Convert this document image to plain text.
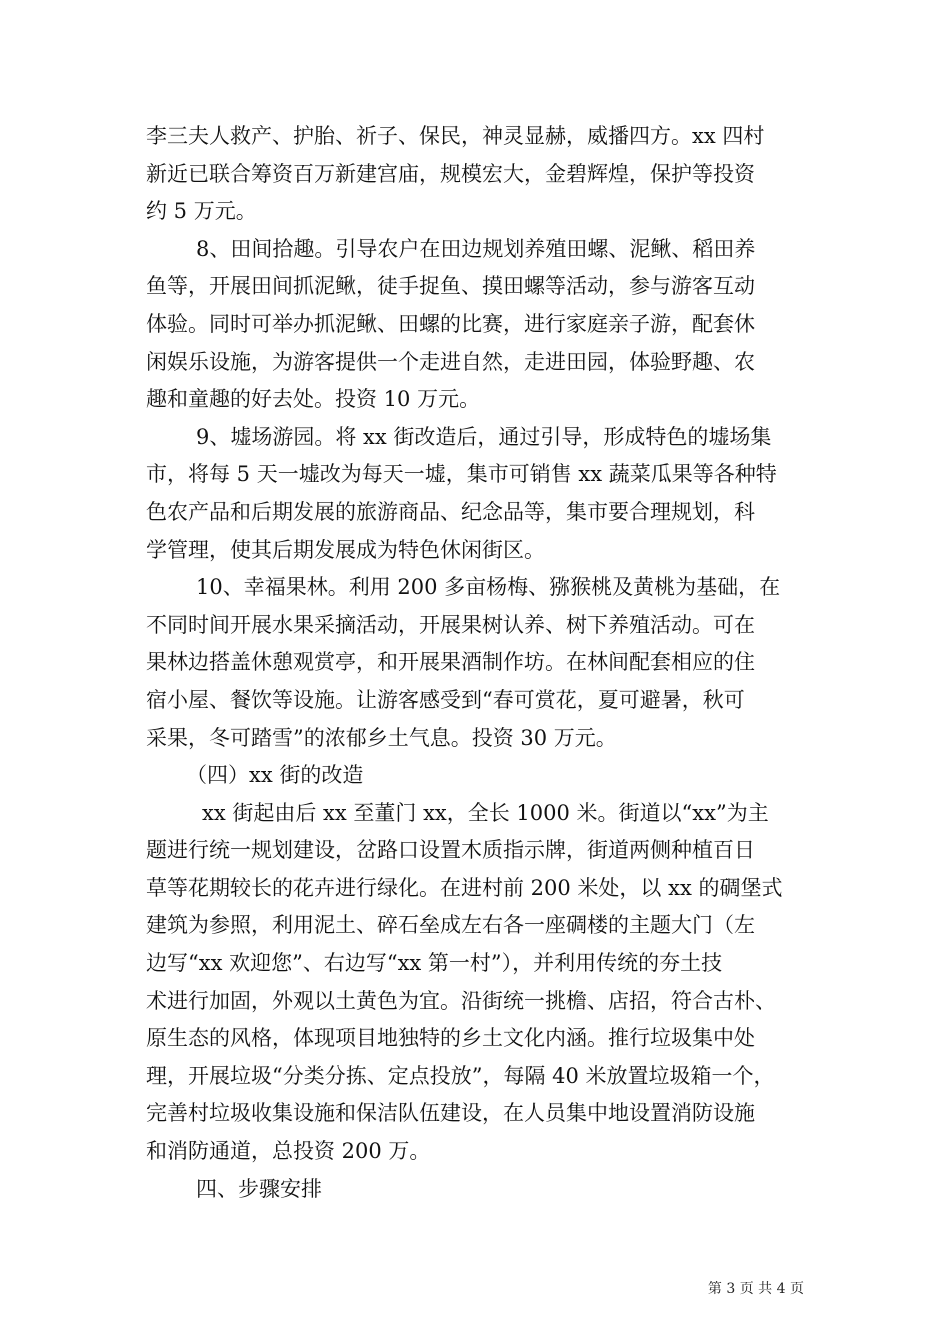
李三夫人救产、护胎、祈子、保民，神灵显赫，威播四方。xx 四村
新近已联合筹资百万新建宫庙，规模宏大，金碧辉煌，保护等投资
约 5 万元。
8、田间拾趣。引导农户在田边规划养殖田螺、泥鳅、稻田养
鱼等，开展田间抓泥鳅，徒手捉鱼、摸田螺等活动，参与游客互动
体验。同时可举办抓泥鳅、田螺的比赛，进行家庭亲子游，配套休
闲娱乐设施，为游客提供一个走进自然，走进田园，体验野趣、农
趣和童趣的好去处。投资 10 万元。
9、墟场游园。将 xx 街改造后，通过引导，形成特色的墟场集
市，将每 5 天一墟改为每天一墟，集市可销售 xx 蔬菜瓜果等各种特
色农产品和后期发展的旅游商品、纪念品等，集市要合理规划，科
学管理，使其后期发展成为特色休闲街区。
10、幸福果林。利用 200 多亩杨梅、猕猴桃及黄桃为基础，在
不同时间开展水果采摘活动，开展果树认养、树下养殖活动。可在
果林边搭盖休憩观赏亭，和开展果酒制作坊。在林间配套相应的住
宿小屋、餐饮等设施。让游客感受到“春可赏花，夏可避暑，秋可
采果，冬可踏雪”的浓郁乡土气息。投资 30 万元。
（四）xx 街的改造
xx 街起由后 xx 至董门 xx，全长 1000 米。街道以“xx”为主
题进行统一规划建设，岔路口设置木质指示牌，街道两侧种植百日
草等花期较长的花卉进行绿化。在进村前 200 米处，以 xx 的碉堡式
建筑为参照，利用泥土、碎石垒成左右各一座碉楼的主题大门（左
边写“xx 欢迎您”、右边写“xx 第一村”），并利用传统的夯土技
术进行加固，外观以土黄色为宜。沿街统一挑檐、店招，符合古朴、
原生态的风格，体现项目地独特的乡土文化内涵。推行垃圾集中处
理，开展垃圾“分类分拣、定点投放”，每隔 40 米放置垃圾箱一个，
完善村垃圾收集设施和保洁队伍建设，在人员集中地设置消防设施
和消防通道，总投资 200 万。
四、步骤安排
第 3 页 共 4 页
